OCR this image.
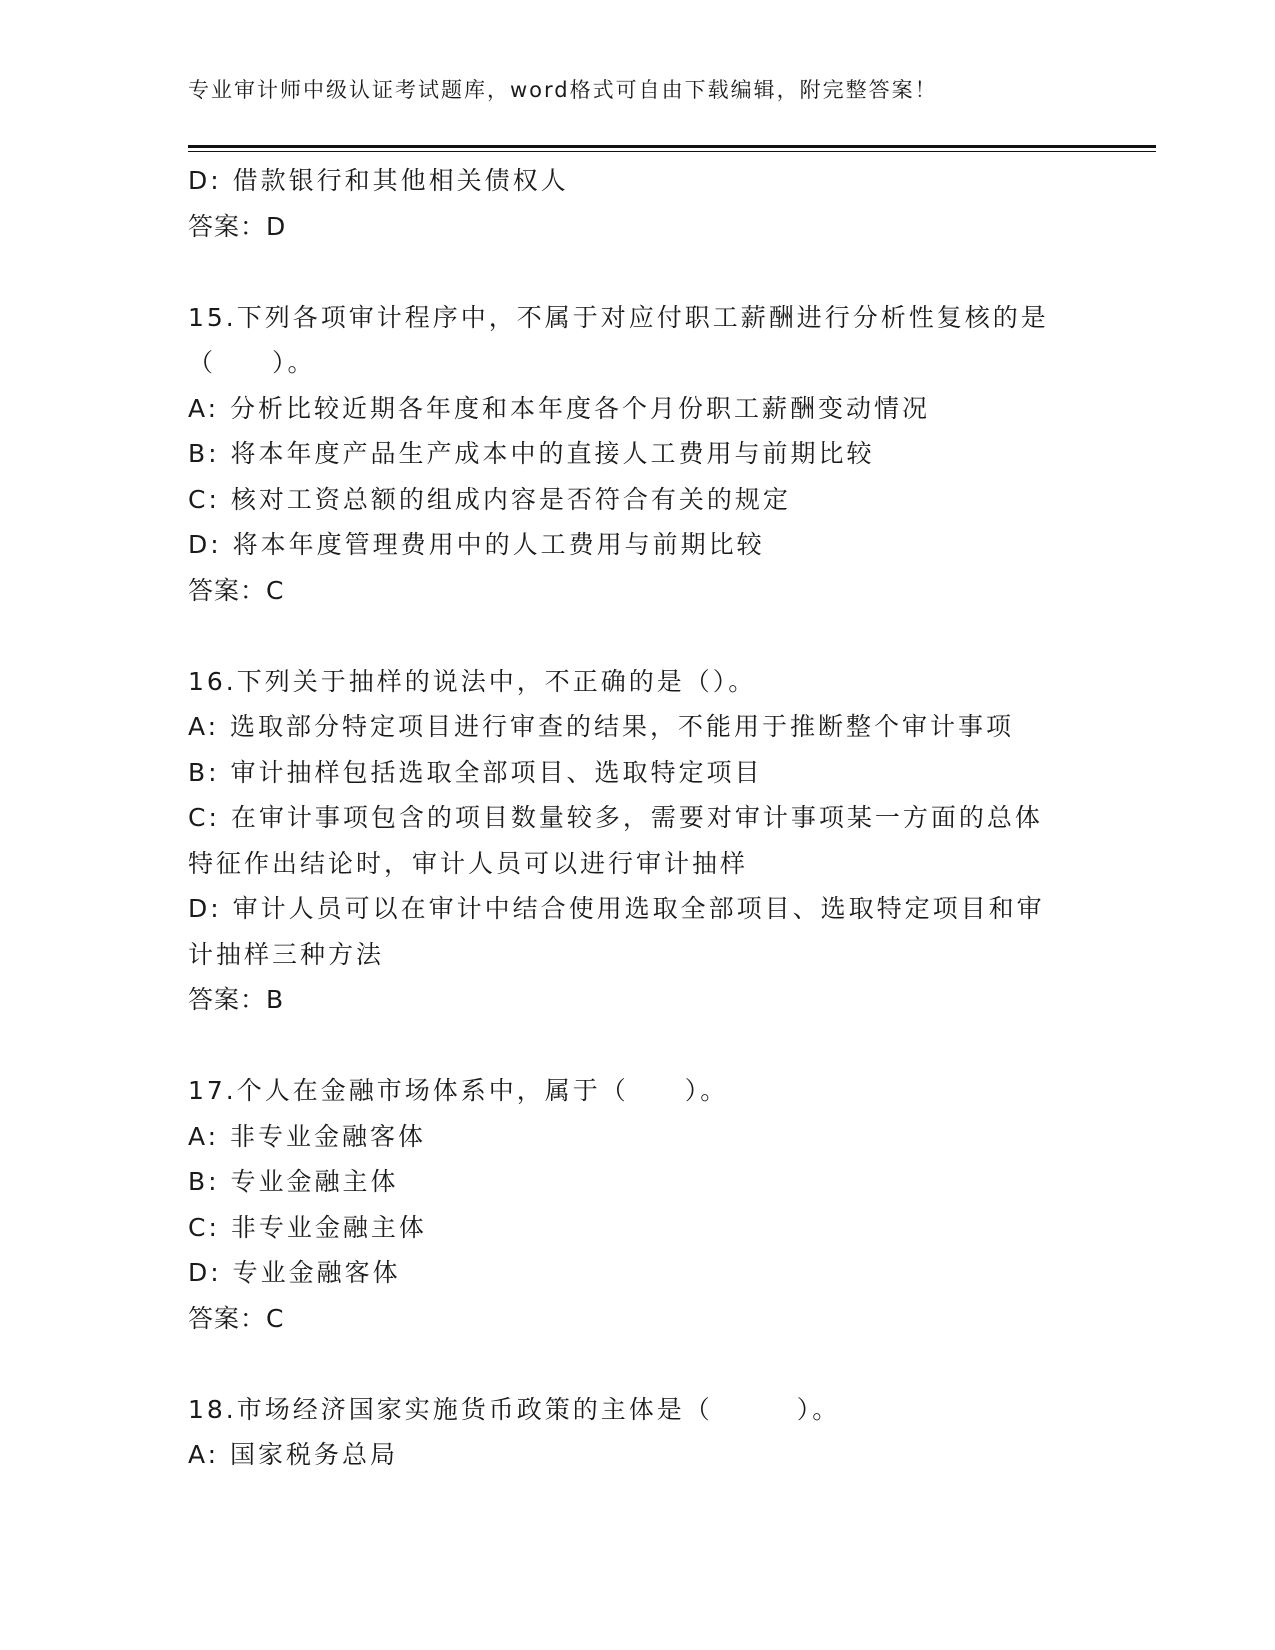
专业审计师中级认证考试题库，word格式可自由下载编辑，附完整答案！

D: 借款银行和其他相关债权人

答案：D

15.下列各项审计程序中，不属于对应付职工薪酬进行分析性复核的是

（　　）。

A: 分析比较近期各年度和本年度各个月份职工薪酬变动情况

B: 将本年度产品生产成本中的直接人工费用与前期比较

C: 核对工资总额的组成内容是否符合有关的规定

D: 将本年度管理费用中的人工费用与前期比较

答案：C

16.下列关于抽样的说法中，不正确的是（）。

A: 选取部分特定项目进行审查的结果，不能用于推断整个审计事项

B: 审计抽样包括选取全部项目、选取特定项目

C: 在审计事项包含的项目数量较多，需要对审计事项某一方面的总体

特征作出结论时，审计人员可以进行审计抽样

D: 审计人员可以在审计中结合使用选取全部项目、选取特定项目和审

计抽样三种方法

答案：B

17.个人在金融市场体系中，属于（　　）。

A: 非专业金融客体

B: 专业金融主体

C: 非专业金融主体

D: 专业金融客体

答案：C

18.市场经济国家实施货币政策的主体是（　　　）。

A: 国家税务总局
